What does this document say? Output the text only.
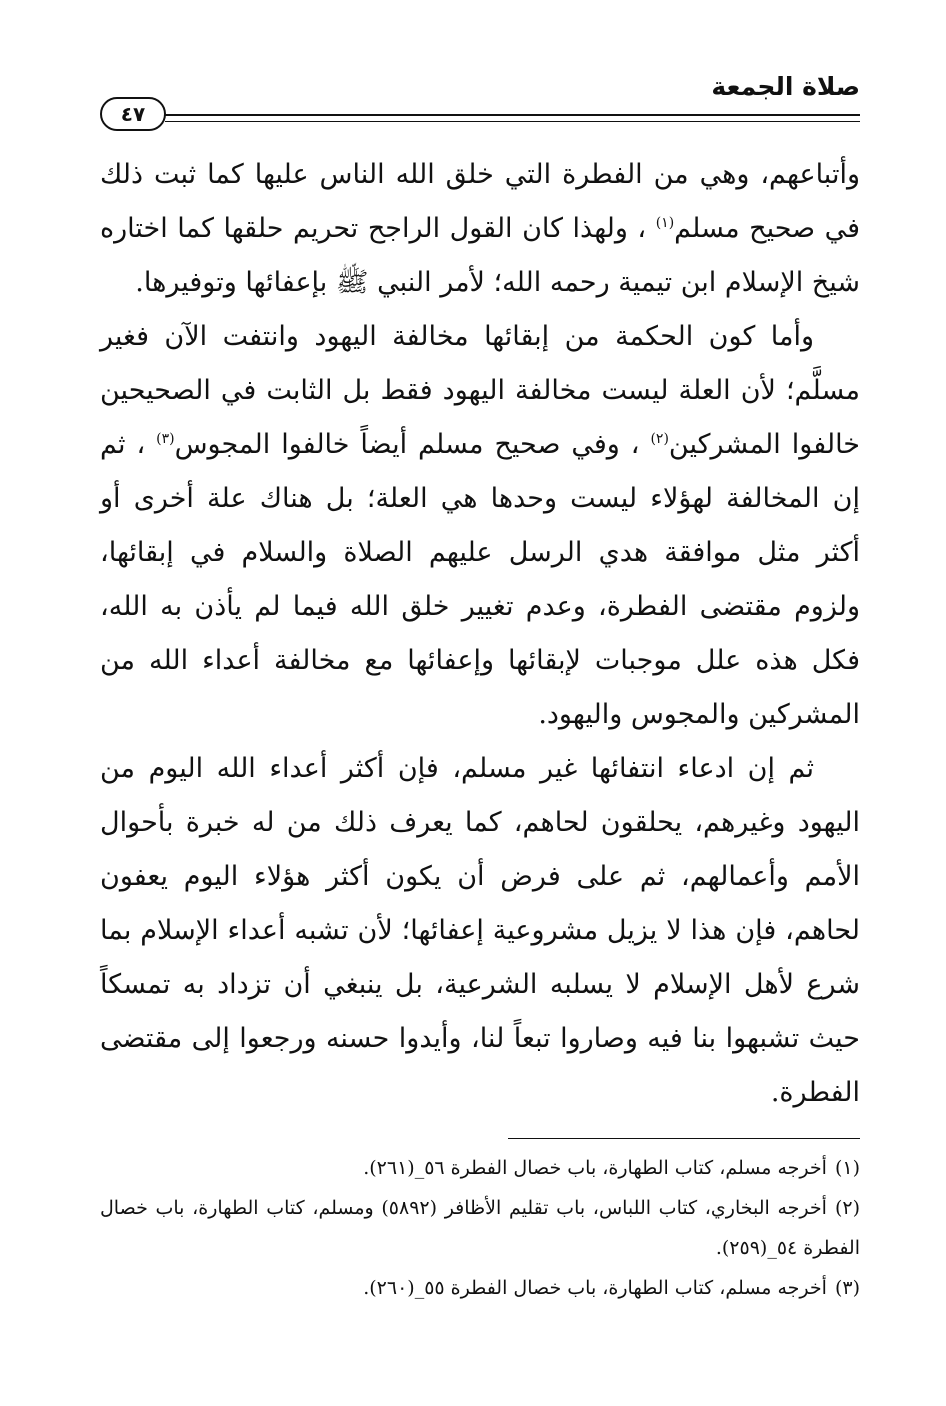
صلاة الجمعة
٤٧

وأتباعهم، وهي من الفطرة التي خلق الله الناس عليها كما ثبت ذلك في صحيح مسلم$^{(١)}$ ، ولهذا كان القول الراجح تحريم حلقها كما اختاره شيخ الإسلام ابن تيمية رحمه الله؛ لأمر النبي ﷺ بإعفائها وتوفيرها.

وأما كون الحكمة من إبقائها مخالفة اليهود وانتفت الآن فغير مسلَّم؛ لأن العلة ليست مخالفة اليهود فقط بل الثابت في الصحيحين خالفوا المشركين$^{(٢)}$ ، وفي صحيح مسلم أيضاً خالفوا المجوس$^{(٣)}$ ، ثم إن المخالفة لهؤلاء ليست وحدها هي العلة؛ بل هناك علة أخرى أو أكثر مثل موافقة هدي الرسل عليهم الصلاة والسلام في إبقائها، ولزوم مقتضى الفطرة، وعدم تغيير خلق الله فيما لم يأذن به الله، فكل هذه علل موجبات لإبقائها وإعفائها مع مخالفة أعداء الله من المشركين والمجوس واليهود.

ثم إن ادعاء انتفائها غير مسلم، فإن أكثر أعداء الله اليوم من اليهود وغيرهم، يحلقون لحاهم، كما يعرف ذلك من له خبرة بأحوال الأمم وأعمالهم، ثم على فرض أن يكون أكثر هؤلاء اليوم يعفون لحاهم، فإن هذا لا يزيل مشروعية إعفائها؛ لأن تشبه أعداء الإسلام بما شرع لأهل الإسلام لا يسلبه الشرعية، بل ينبغي أن تزداد به تمسكاً حيث تشبهوا بنا فيه وصاروا تبعاً لنا، وأيدوا حسنه ورجعوا إلى مقتضى الفطرة.

(١)أخرجه مسلم، كتاب الطهارة، باب خصال الفطرة ٥٦_(٢٦١).

(٢)أخرجه البخاري، كتاب اللباس، باب تقليم الأظافر (٥٨٩٢) ومسلم، كتاب الطهارة، باب خصال الفطرة ٥٤_(٢٥٩).

(٣)أخرجه مسلم، كتاب الطهارة، باب خصال الفطرة ٥٥_(٢٦٠).
